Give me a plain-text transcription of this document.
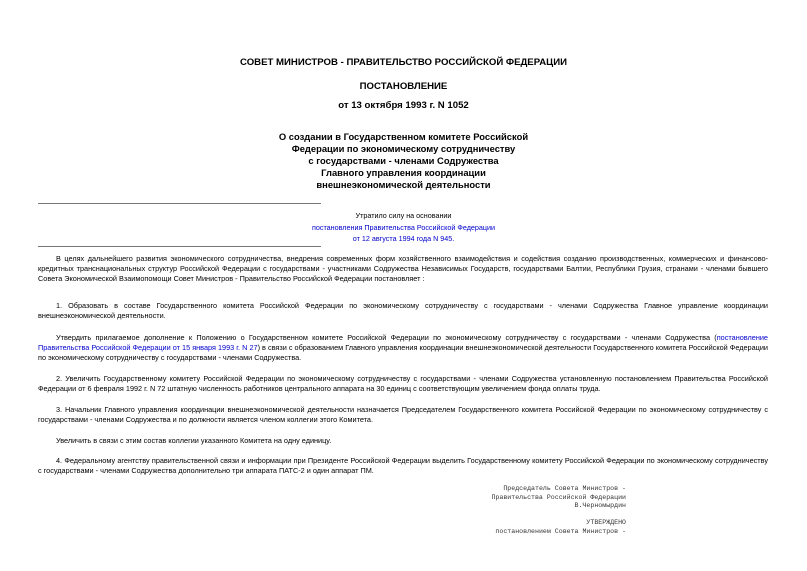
СОВЕТ МИНИСТРОВ - ПРАВИТЕЛЬСТВО РОССИЙСКОЙ ФЕДЕРАЦИИ
ПОСТАНОВЛЕНИЕ
от 13 октября 1993 г. N 1052
О создании в Государственном комитете Российской
Федерации по экономическому сотрудничеству
с государствами - членами Содружества
Главного управления координации
внешнеэкономической деятельности
Утратило силу на основании
постановления Правительства Российской Федерации
от 12 августа 1994 года N 945.

В целях дальнейшего развития экономического сотрудничества, внедрения современных форм хозяйственного взаимодействия и содействия созданию производственных, коммерческих и финансово-кредитных транснациональных структур Российской Федерации с государствами - участниками Содружества Независимых Государств, государствами Балтии, Республики Грузия, странами - членами бывшего Совета Экономической Взаимопомощи Совет Министров - Правительство Российской Федерации постановляет :

1. Образовать в составе Государственного комитета Российской Федерации по экономическому сотрудничеству с государствами - членами Содружества Главное управление координации внешнеэкономической деятельности.

Утвердить прилагаемое дополнение к Положению о Государственном комитете Российской Федерации по экономическому сотрудничеству с государствами - членами Содружества (постановление Правительства Российской Федерации от 15 января 1993 г. N 27) в связи с образованием Главного управления координации внешнеэкономической деятельности Государственного комитета Российской Федерации по экономическому сотрудничеству с государствами - членами Содружества.

2. Увеличить Государственному комитету Российской Федерации по экономическому сотрудничеству с государствами - членами Содружества установленную постановлением Правительства Российской Федерации от 6 февраля 1992 г. N 72 штатную численность работников центрального аппарата на 30 единиц с соответствующим увеличением фонда оплаты труда.

3. Начальник Главного управления координации внешнеэкономической деятельности назначается Председателем Государственного комитета Российской Федерации по экономическому сотрудничеству с государствами - членами Содружества и по должности является членом коллегии этого Комитета.

Увеличить в связи с этим состав коллегии указанного Комитета на одну единицу.

4. Федеральному агентству правительственной связи и информации при Президенте Российской Федерации выделить Государственному комитету Российской Федерации по экономическому сотрудничеству с государствами - членами Содружества дополнительно три аппарата ПАТС-2 и один аппарат ПМ.

Председатель Совета Министров -
Правительства Российской Федерации
В.Черномырдин
УТВЕРЖДЕНО
постановлением Совета Министров -
